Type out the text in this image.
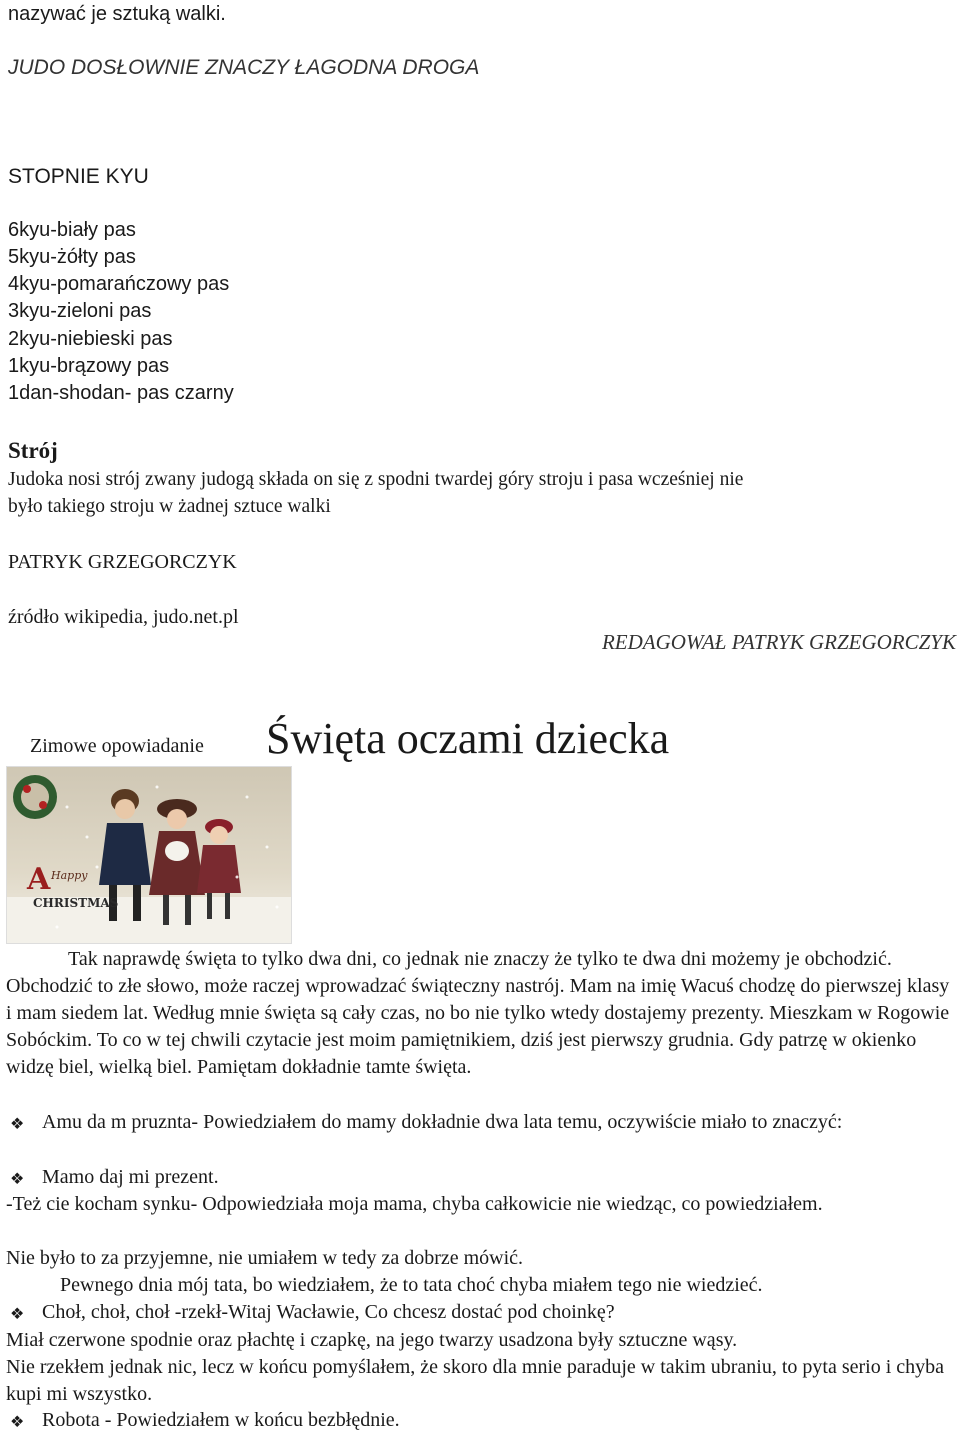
nazywać je sztuką walki.
JUDO DOSŁOWNIE ZNACZY ŁAGODNA DROGA
STOPNIE KYU
6kyu-biały pas
5kyu-żółty pas
4kyu-pomarańczowy pas
3kyu-zieloni pas
2kyu-niebieski pas
1kyu-brązowy pas
1dan-shodan- pas czarny
Strój
Judoka nosi strój zwany judogą składa on się z spodni twardej góry stroju i pasa wcześniej nie
było takiego stroju w żadnej sztuce walki
PATRYK GRZEGORCZYK
źródło wikipedia, judo.net.pl
REDAGOWAŁ PATRYK GRZEGORCZYK
Zimowe opowiadanie Święta oczami dziecka
A Happy
CHRISTMAS
Tak naprawdę święta to tylko dwa dni, co jednak nie znaczy że tylko te dwa dni możemy je obchodzić. Obchodzić to złe słowo, może raczej wprowadzać świąteczny nastrój. Mam na imię Wacuś chodzę do pierwszej klasy i mam siedem lat. Według mnie święta są cały czas, no bo nie tylko wtedy dostajemy prezenty. Mieszkam w Rogowie Sobóckim. To co w tej chwili czytacie jest moim pamiętnikiem, dziś jest pierwszy grudnia. Gdy patrzę w okienko widzę biel, wielką biel. Pamiętam dokładnie tamte święta.
❖ Amu da m pruznta- Powiedziałem do mamy dokładnie dwa lata temu, oczywiście miało to znaczyć:
❖ Mamo daj mi prezent.
-Też cie kocham synku- Odpowiedziała moja mama, chyba całkowicie nie wiedząc, co powiedziałem.
Nie było to za przyjemne, nie umiałem w tedy za dobrze mówić.
Pewnego dnia mój tata, bo wiedziałem, że to tata choć chyba miałem tego nie wiedzieć.
❖ Choł, choł, choł -rzekł-Witaj Wacławie, Co chcesz dostać pod choinkę?
Miał czerwone spodnie oraz płachtę i czapkę, na jego twarzy usadzona były sztuczne wąsy.
Nie rzekłem jednak nic, lecz w końcu pomyślałem, że skoro dla mnie paraduje w takim ubraniu, to pyta serio i chyba kupi mi wszystko.
❖ Robota - Powiedziałem w końcu bezbłędnie.
